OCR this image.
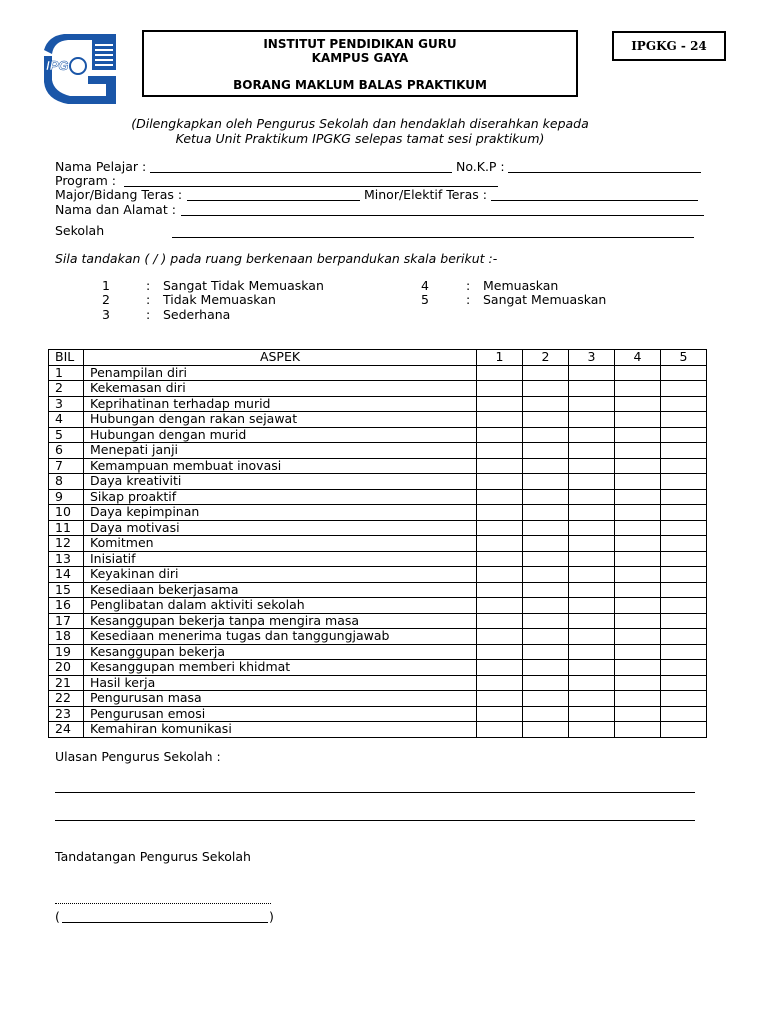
IPG
INSTITUT PENDIDIKAN GURU
KAMPUS GAYA
BORANG MAKLUM BALAS PRAKTIKUM
IPGKG - 24
(Dilengkapkan oleh Pengurus Sekolah dan hendaklah diserahkan kepada
Ketua Unit Praktikum IPGKG selepas tamat sesi praktikum)
Nama Pelajar :	No.K.P :
Program :
Major/Bidang Teras :	Minor/Elektif Teras :
Nama dan Alamat :
Sekolah
Sila tandakan ( / ) pada ruang berkenaan berpandukan skala berikut :-
1	: Sangat Tidak Memuaskan
2	: Tidak Memuaskan
3	: Sederhana
4	: Memuaskan
5	: Sangat Memuaskan
BIL	ASPEK	1	2	3	4	5
1	Penampilan diri					
2	Kekemasan diri					
3	Keprihatinan terhadap murid					
4	Hubungan dengan rakan sejawat					
5	Hubungan dengan murid					
6	Menepati janji					
7	Kemampuan membuat inovasi					
8	Daya kreativiti					
9	Sikap proaktif					
10	Daya kepimpinan					
11	Daya motivasi					
12	Komitmen					
13	Inisiatif					
14	Keyakinan diri					
15	Kesediaan bekerjasama					
16	Penglibatan dalam aktiviti sekolah					
17	Kesanggupan bekerja tanpa mengira masa					
18	Kesediaan menerima tugas dan tanggungjawab					
19	Kesanggupan bekerja					
20	Kesanggupan memberi khidmat					
21	Hasil kerja					
22	Pengurusan masa					
23	Pengurusan emosi					
24	Kemahiran komunikasi					
Ulasan Pengurus Sekolah :
Tandatangan Pengurus Sekolah
(	)
